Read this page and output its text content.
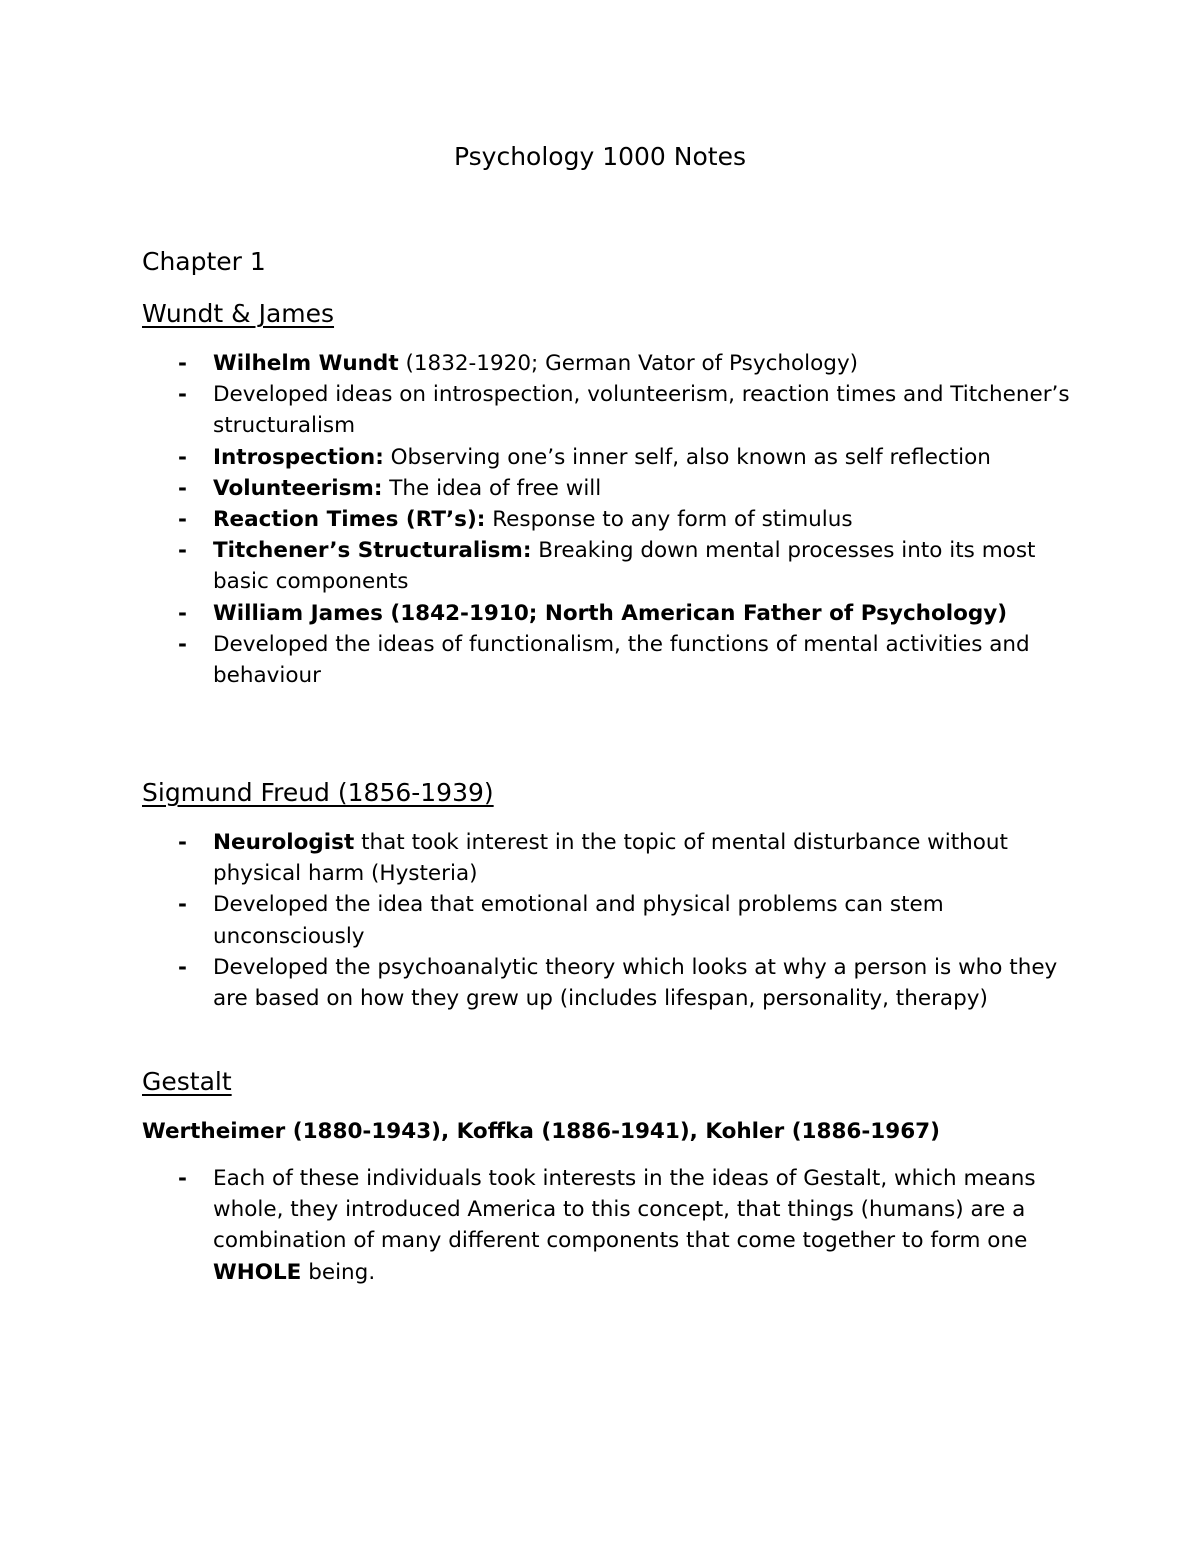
Psychology 1000 Notes
Chapter 1
Wundt & James
- Wilhelm Wundt (1832-1920; German Vator of Psychology)
- Developed ideas on introspection, volunteerism, reaction times and Titchener’s structuralism
- Introspection: Observing one’s inner self, also known as self reflection
- Volunteerism: The idea of free will
- Reaction Times (RT’s): Response to any form of stimulus
- Titchener’s Structuralism: Breaking down mental processes into its most basic components
- William James (1842-1910; North American Father of Psychology)
- Developed the ideas of functionalism, the functions of mental activities and behaviour
Sigmund Freud (1856-1939)
- Neurologist that took interest in the topic of mental disturbance without physical harm (Hysteria)
- Developed the idea that emotional and physical problems can stem unconsciously
- Developed the psychoanalytic theory which looks at why a person is who they are based on how they grew up (includes lifespan, personality, therapy)
Gestalt
Wertheimer (1880-1943), Koffka (1886-1941), Kohler (1886-1967)
- Each of these individuals took interests in the ideas of Gestalt, which means whole, they introduced America to this concept, that things (humans) are a combination of many different components that come together to form one WHOLE being.
